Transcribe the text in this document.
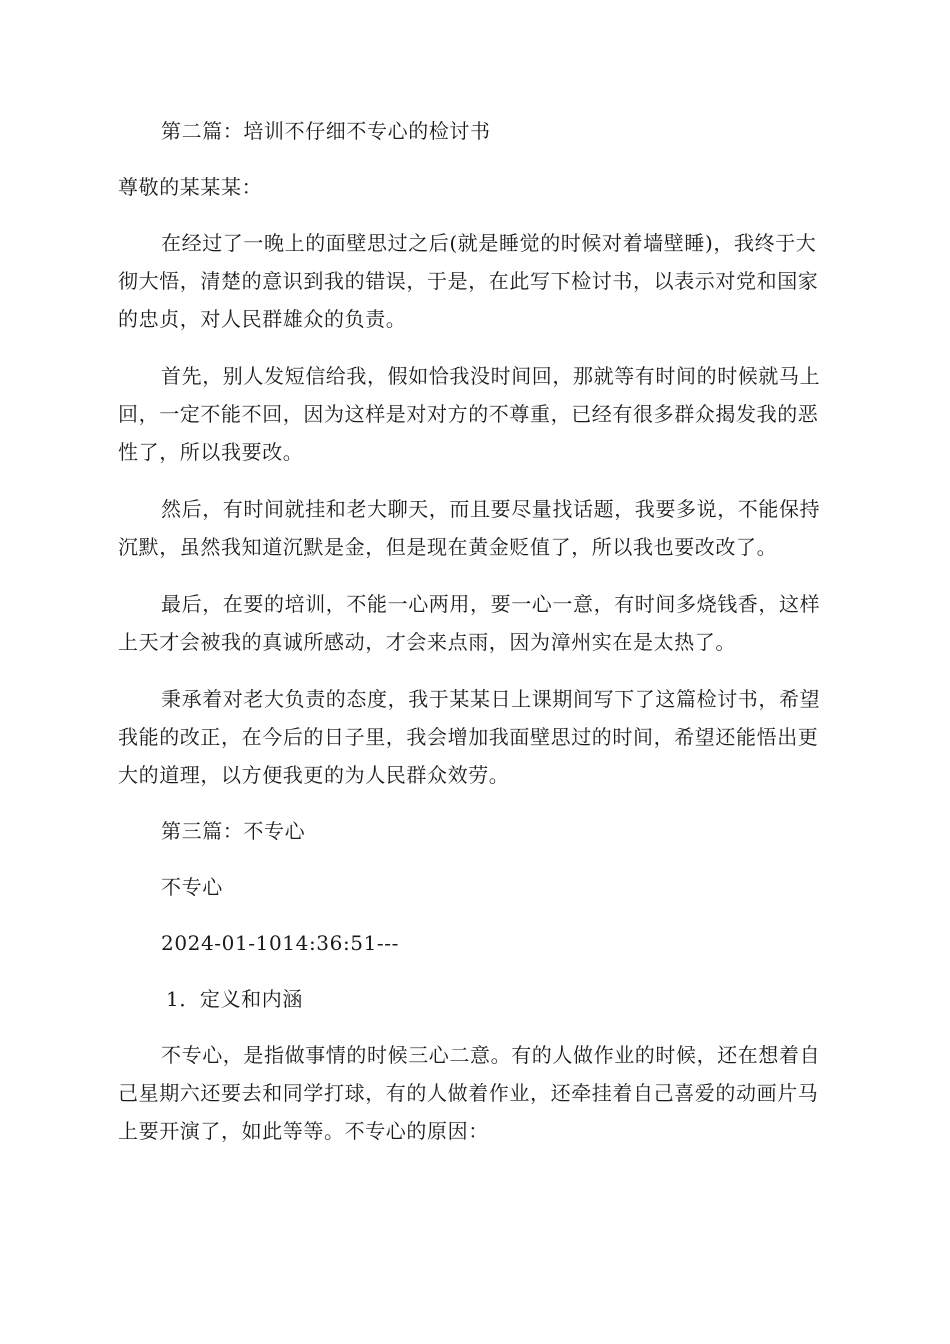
第二篇：培训不仔细不专心的检讨书

尊敬的某某某：

在经过了一晚上的面壁思过之后(就是睡觉的时候对着墙壁睡)，我终于大彻大悟，清楚的意识到我的错误，于是，在此写下检讨书，以表示对党和国家的忠贞，对人民群雄众的负责。

首先，别人发短信给我，假如恰我没时间回，那就等有时间的时候就马上回，一定不能不回，因为这样是对对方的不尊重，已经有很多群众揭发我的恶性了，所以我要改。

然后，有时间就挂和老大聊天，而且要尽量找话题，我要多说，不能保持沉默，虽然我知道沉默是金，但是现在黄金贬值了，所以我也要改改了。

最后，在要的培训，不能一心两用，要一心一意，有时间多烧钱香，这样上天才会被我的真诚所感动，才会来点雨，因为漳州实在是太热了。

秉承着对老大负责的态度，我于某某日上课期间写下了这篇检讨书，希望我能的改正，在今后的日子里，我会增加我面壁思过的时间，希望还能悟出更大的道理，以方便我更的为人民群众效劳。

第三篇：不专心

不专心

2024-01-1014:36:51---

1．定义和内涵

不专心，是指做事情的时候三心二意。有的人做作业的时候，还在想着自己星期六还要去和同学打球，有的人做着作业，还牵挂着自己喜爱的动画片马上要开演了，如此等等。不专心的原因：
